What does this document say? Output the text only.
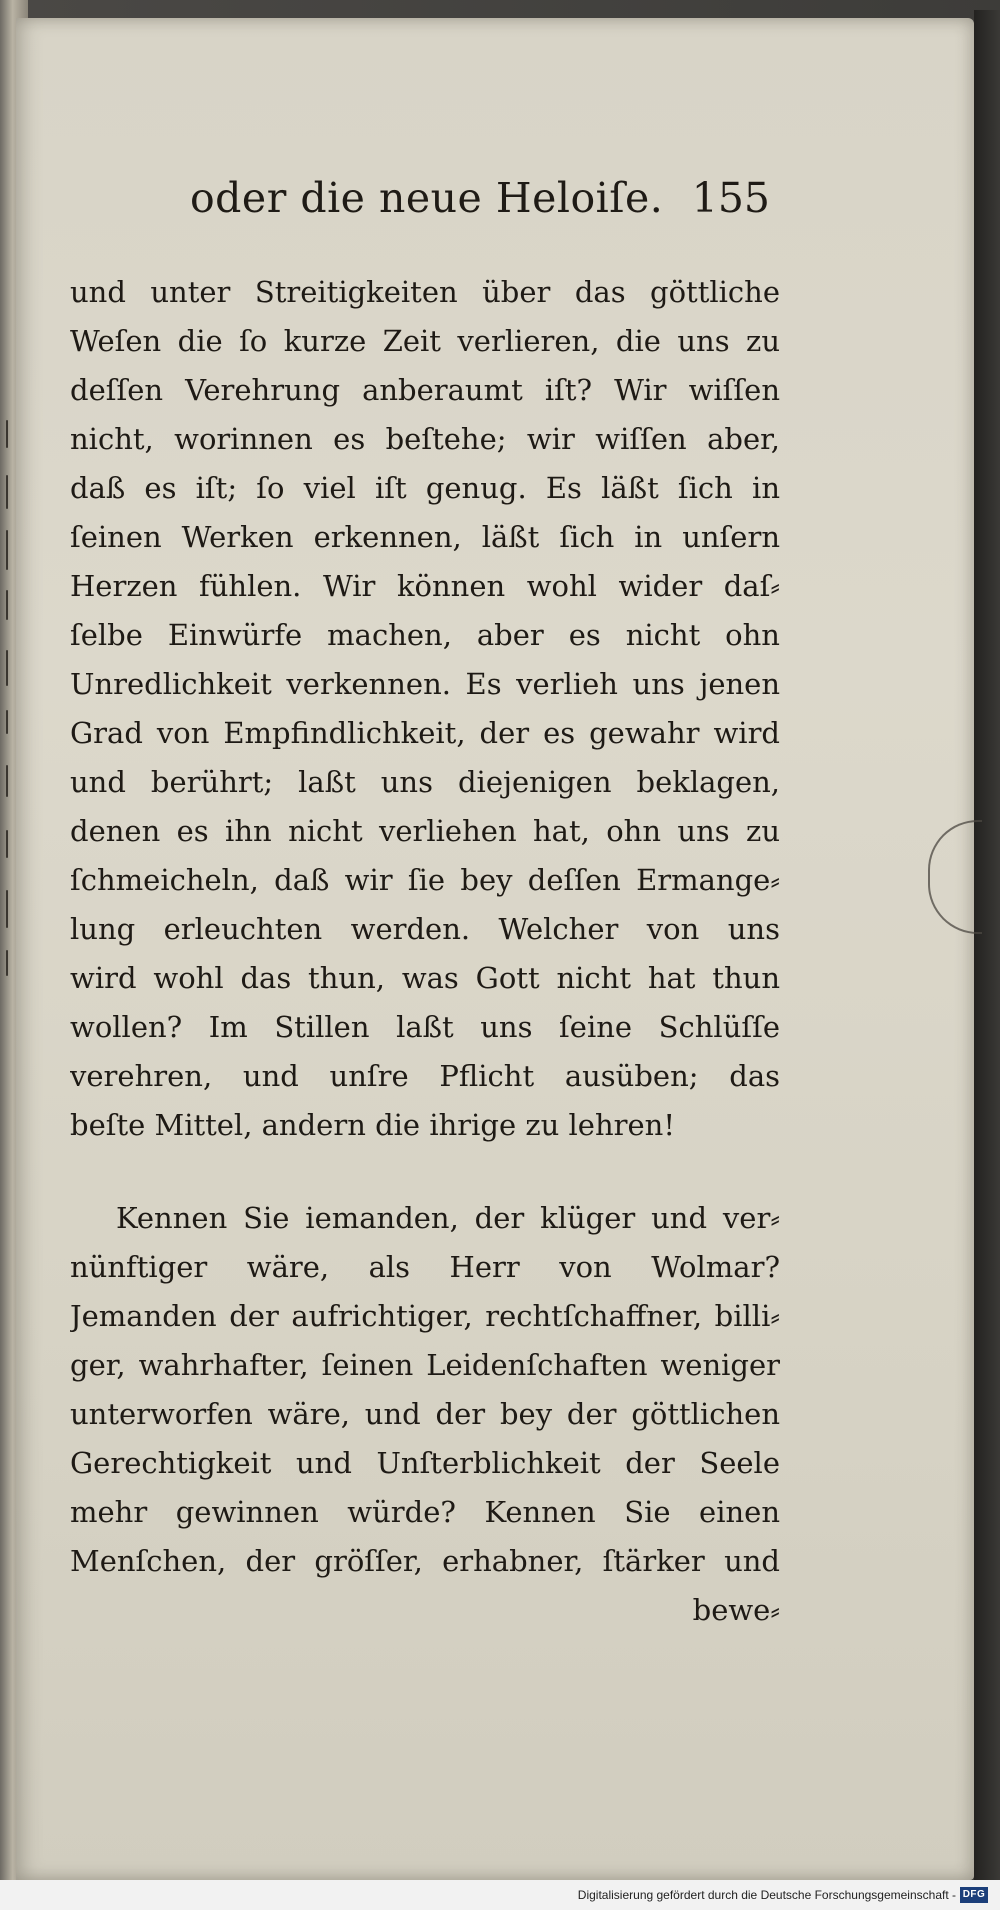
oder die neue Heloiſe. 155
und unter Streitigkeiten über das göttliche
Weſen die ſo kurze Zeit verlieren, die uns zu
deſſen Verehrung anberaumt iſt? Wir wiſſen
nicht, worinnen es beſtehe; wir wiſſen aber,
daß es iſt; ſo viel iſt genug. Es läßt ſich in
ſeinen Werken erkennen, läßt ſich in unſern
Herzen fühlen. Wir können wohl wider daſ⸗
ſelbe Einwürfe machen, aber es nicht ohn
Unredlichkeit verkennen. Es verlieh uns jenen
Grad von Empfindlichkeit, der es gewahr wird
und berührt; laßt uns diejenigen beklagen,
denen es ihn nicht verliehen hat, ohn uns zu
ſchmeicheln, daß wir ſie bey deſſen Ermange⸗
lung erleuchten werden. Welcher von uns
wird wohl das thun, was Gott nicht hat thun
wollen? Im Stillen laßt uns ſeine Schlüſſe
verehren, und unſre Pflicht ausüben; das
beſte Mittel, andern die ihrige zu lehren!
Kennen Sie iemanden, der klüger und ver⸗
nünftiger wäre, als Herr von Wolmar?
Jemanden der aufrichtiger, rechtſchaffner, billi⸗
ger, wahrhafter, ſeinen Leidenſchaften weniger
unterworfen wäre, und der bey der göttlichen
Gerechtigkeit und Unſterblichkeit der Seele
mehr gewinnen würde? Kennen Sie einen
Menſchen, der gröſſer, erhabner, ſtärker und
bewe⸗
Digitalisierung gefördert durch die Deutsche Forschungsgemeinschaft - DFG
